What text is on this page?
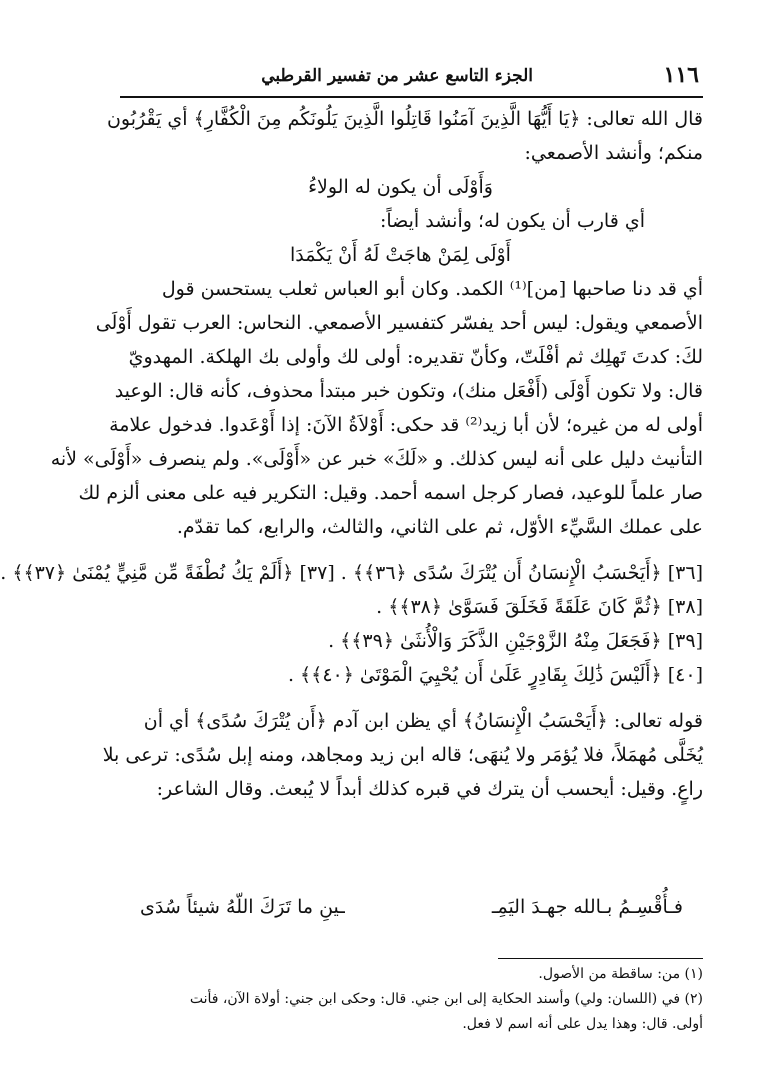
١١٦
الجزء التاسع عشر من تفسير القرطبي
قال الله تعالى: ﴿يَا أَيُّهَا الَّذِينَ آمَنُوا قَاتِلُوا الَّذِينَ يَلُونَكُم مِنَ الْكُفَّارِ﴾ أي يَقْرُبُون
منكم؛ وأنشد الأصمعي:
وَأَوْلَى أن يكون له الولاءُ
أي قارب أن يكون له؛ وأنشد أيضاً:
أَوْلَى لِمَنْ هاجَتْ لَهُ أَنْ يَكْمَدَا
أي قد دنا صاحبها [من]⁽¹⁾ الكمد. وكان أبو العباس ثعلب يستحسن قول
الأصمعي ويقول: ليس أحد يفسّر كتفسير الأصمعي. النحاس: العرب تقول أَوْلَى
لكَ: كدتَ تَهلِك ثم أفْلَتّ، وكأنّ تقديره: أولى لك وأولى بك الهلكة. المهدويّ
قال: ولا تكون أَوْلَى (أَفْعَل منك)، وتكون خبر مبتدأ محذوف، كأنه قال: الوعيد
أولى له من غيره؛ لأن أبا زيد⁽²⁾ قد حكى: أَوْلاَةُ الآنَ: إذا أَوْعَدوا. فدخول علامة
التأنيث دليل على أنه ليس كذلك. و «لَكَ» خبر عن «أَوْلَى». ولم ينصرف «أَوْلَى» لأنه
صار علماً للوعيد، فصار كرجل اسمه أحمد. وقيل: التكرير فيه على معنى ألزم لك
على عملك السَّيِّء الأوّل، ثم على الثاني، والثالث، والرابع، كما تقدّم.
[٣٦] ﴿أَيَحْسَبُ الْإِنسَانُ أَن يُتْرَكَ سُدًى ﴿٣٦﴾﴾ . [٣٧] ﴿أَلَمْ يَكُ نُطْفَةً مِّن مَّنِيٍّ يُمْنَىٰ ﴿٣٧﴾﴾ .
[٣٨] ﴿ثُمَّ كَانَ عَلَقَةً فَخَلَقَ فَسَوَّىٰ ﴿٣٨﴾﴾ .
[٣٩] ﴿فَجَعَلَ مِنْهُ الزَّوْجَيْنِ الذَّكَرَ وَالْأُنثَىٰ ﴿٣٩﴾﴾ .
[٤٠] ﴿أَلَيْسَ ذَٰلِكَ بِقَادِرٍ عَلَىٰ أَن يُحْيِيَ الْمَوْتَىٰ ﴿٤٠﴾﴾ .
قوله تعالى: ﴿أَيَحْسَبُ الْإِنسَانُ﴾ أي يظن ابن آدم ﴿أَن يُتْرَكَ سُدًى﴾ أي أن
يُخَلَّى مُهمَلاً، فلا يُؤمَر ولا يُنهَى؛ قاله ابن زيد ومجاهد، ومنه إبل سُدًى: ترعى بلا
راعٍ. وقيل: أيحسب أن يترك في قبره كذلك أبداً لا يُبعث. وقال الشاعر:
فـأُقْسِـمُ بـالله جهـدَ اليَمِـ
ـينِ ما تَرَكَ اللّهُ شيئاً سُدَى
(١) من: ساقطة من الأصول.
(٢) في (اللسان: ولي) وأسند الحكاية إلى ابن جني. قال: وحكى ابن جني: أولاة الآن، فأنت
أولى. قال: وهذا يدل على أنه اسم لا فعل.
